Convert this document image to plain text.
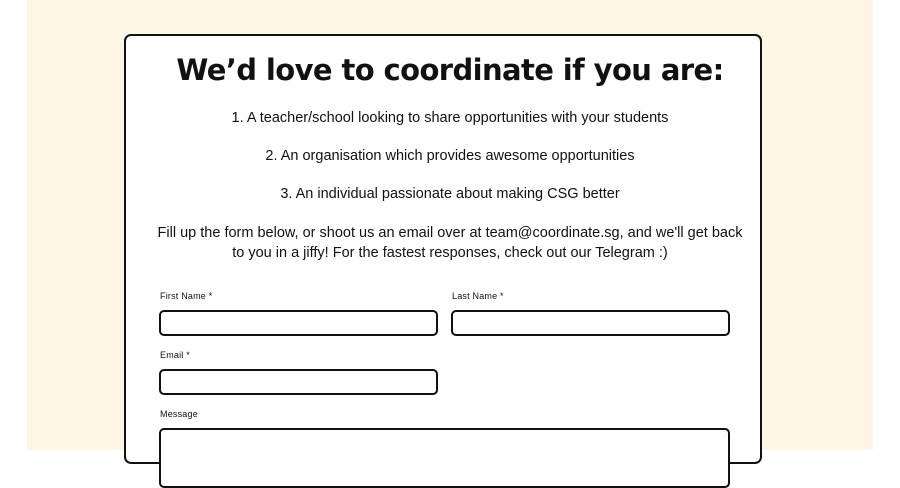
We’d love to coordinate if you are:

1. A teacher/school looking to share opportunities with your students

2. An organisation which provides awesome opportunities

3. An individual passionate about making CSG better

Fill up the form below, or shoot us an email over at team@coordinate.sg, and we'll get back to you in a jiffy! For the fastest responses, check out our Telegram :)

First Name *	Last Name *
Email *
Message
